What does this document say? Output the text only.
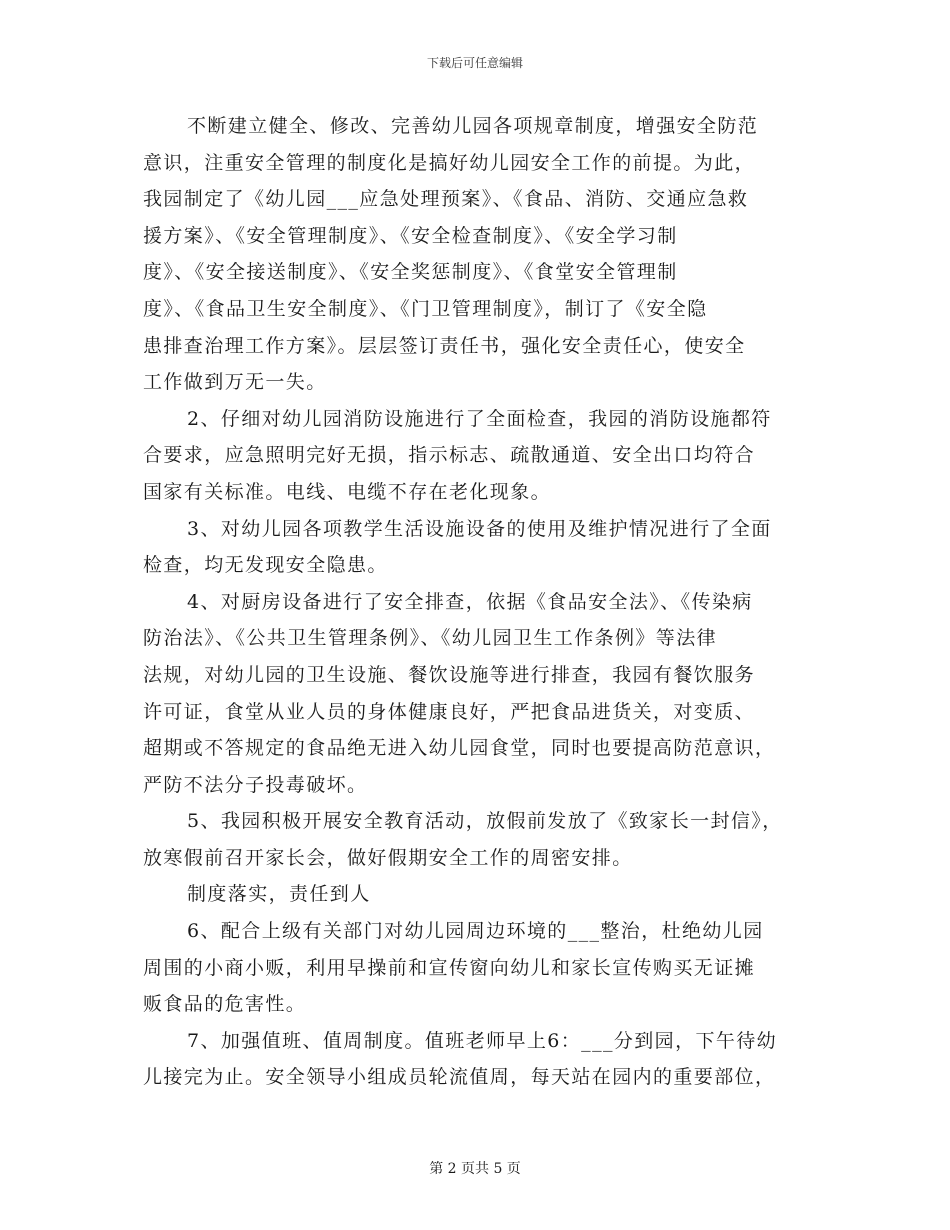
下载后可任意编辑
不断建立健全、修改、完善幼儿园各项规章制度，增强安全防范
意识，注重安全管理的制度化是搞好幼儿园安全工作的前提。为此，
我园制定了《幼儿园___应急处理预案》、《食品、消防、交通应急救
援方案》、《安全管理制度》、《安全检查制度》、《安全学习制
度》、《安全接送制度》、《安全奖惩制度》、《食堂安全管理制
度》、《食品卫生安全制度》、《门卫管理制度》，制订了《安全隐
患排查治理工作方案》。层层签订责任书，强化安全责任心，使安全
工作做到万无一失。
2、仔细对幼儿园消防设施进行了全面检查，我园的消防设施都符
合要求，应急照明完好无损，指示标志、疏散通道、安全出口均符合
国家有关标准。电线、电缆不存在老化现象。
3、对幼儿园各项教学生活设施设备的使用及维护情况进行了全面
检查，均无发现安全隐患。
4、对厨房设备进行了安全排查，依据《食品安全法》、《传染病
防治法》、《公共卫生管理条例》、《幼儿园卫生工作条例》等法律
法规，对幼儿园的卫生设施、餐饮设施等进行排查，我园有餐饮服务
许可证，食堂从业人员的身体健康良好，严把食品进货关，对变质、
超期或不答规定的食品绝无进入幼儿园食堂，同时也要提高防范意识，
严防不法分子投毒破坏。
5、我园积极开展安全教育活动，放假前发放了《致家长一封信》，
放寒假前召开家长会，做好假期安全工作的周密安排。
制度落实，责任到人
6、配合上级有关部门对幼儿园周边环境的___整治，杜绝幼儿园
周围的小商小贩，利用早操前和宣传窗向幼儿和家长宣传购买无证摊
贩食品的危害性。
7、加强值班、值周制度。值班老师早上6：___分到园，下午待幼
儿接完为止。安全领导小组成员轮流值周，每天站在园内的重要部位，
第 2 页共 5 页
